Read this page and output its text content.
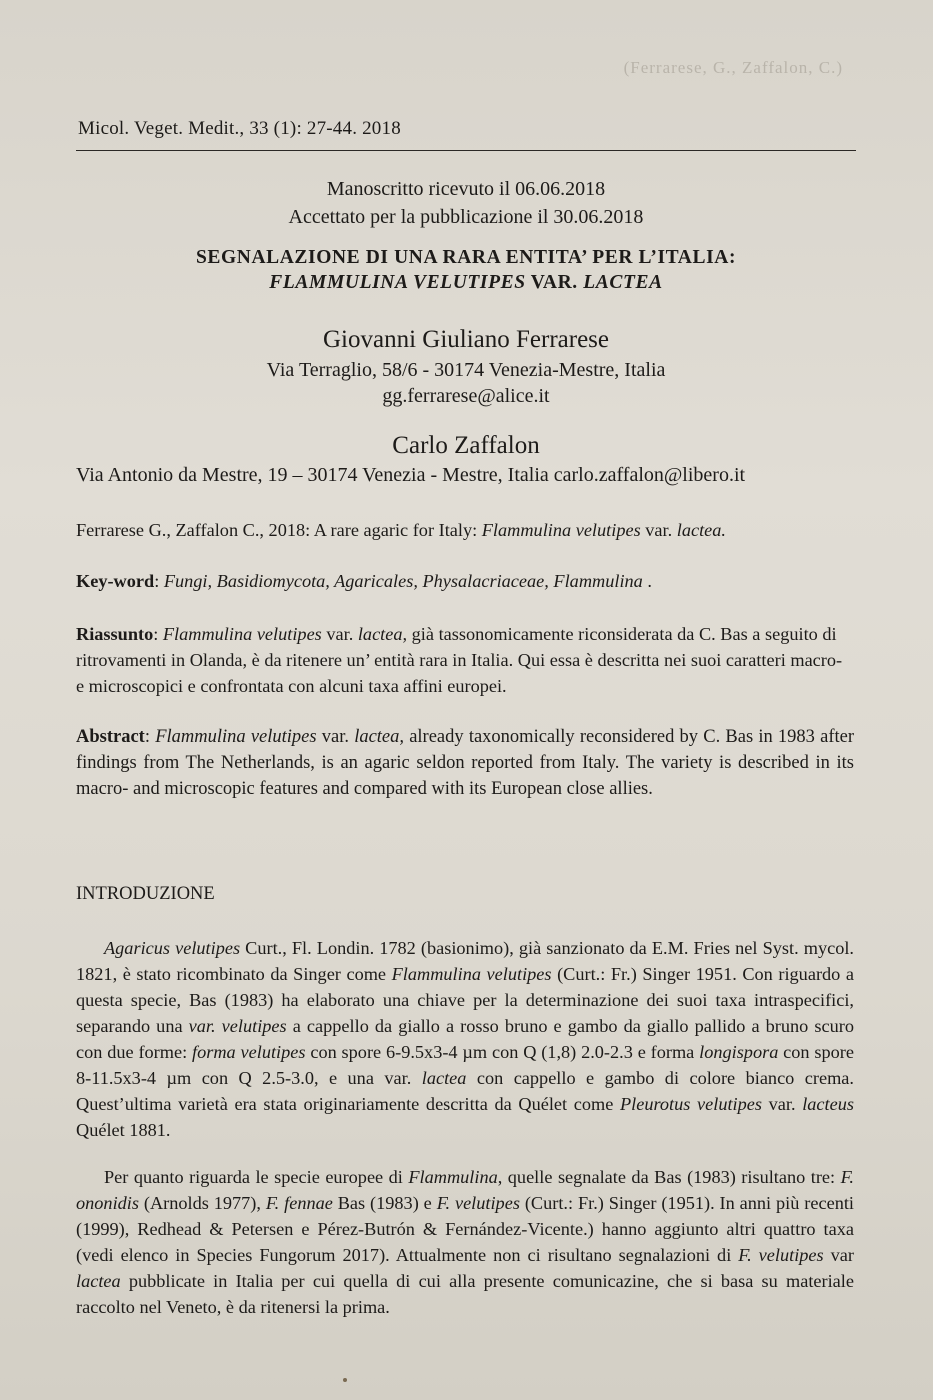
(Ferrarese, G., Zaffalon, C.)
Micol. Veget. Medit., 33 (1): 27-44. 2018
Manoscritto ricevuto il 06.06.2018
Accettato per la pubblicazione il 30.06.2018
SEGNALAZIONE DI UNA RARA ENTITA’ PER L’ITALIA:
FLAMMULINA VELUTIPES VAR. LACTEA
Giovanni Giuliano Ferrarese
Via Terraglio, 58/6 - 30174 Venezia-Mestre, Italia
gg.ferrarese@alice.it
Carlo Zaffalon
Via Antonio da Mestre, 19 – 30174 Venezia - Mestre, Italia carlo.zaffalon@libero.it
Ferrarese G., Zaffalon C., 2018: A rare agaric for Italy: Flammulina velutipes var. lactea.
Key-word: Fungi, Basidiomycota, Agaricales, Physalacriaceae, Flammulina .
Riassunto: Flammulina velutipes var. lactea, già tassonomicamente riconsiderata da C. Bas a seguito di ritrovamenti in Olanda, è da ritenere un’ entità rara in Italia. Qui essa è descritta nei suoi caratteri macro- e microscopici e confrontata con alcuni taxa affini europei.
Abstract: Flammulina velutipes var. lactea, already taxonomically reconsidered by C. Bas in 1983 after findings from The Netherlands, is an agaric seldon reported from Italy. The variety is described in its macro- and microscopic features and compared with its European close allies.
INTRODUZIONE
Agaricus velutipes Curt., Fl. Londin. 1782 (basionimo), già sanzionato da E.M. Fries nel Syst. mycol. 1821, è stato ricombinato da Singer come Flammulina velutipes (Curt.: Fr.) Singer 1951. Con riguardo a questa specie, Bas (1983) ha elaborato una chiave per la determinazione dei suoi taxa intraspecifici, separando una var. velutipes a cappello da giallo a rosso bruno e gambo da giallo pallido a bruno scuro con due forme: forma velutipes con spore 6-9.5x3-4 µm con Q (1,8) 2.0-2.3 e forma longispora con spore 8-11.5x3-4 µm con Q 2.5-3.0, e una var. lactea con cappello e gambo di colore bianco crema. Quest’ultima varietà era stata originariamente descritta da Quélet come Pleurotus velutipes var. lacteus Quélet 1881.
Per quanto riguarda le specie europee di Flammulina, quelle segnalate da Bas (1983) risultano tre: F. ononidis (Arnolds 1977), F. fennae Bas (1983) e F. velutipes (Curt.: Fr.) Singer (1951). In anni più recenti (1999), Redhead & Petersen e Pérez-Butrón & Fernández-Vicente.) hanno aggiunto altri quattro taxa (vedi elenco in Species Fungorum 2017). Attualmente non ci risultano segnalazioni di F. velutipes var lactea pubblicate in Italia per cui quella di cui alla presente comunicazine, che si basa su materiale raccolto nel Veneto, è da ritenersi la prima.
